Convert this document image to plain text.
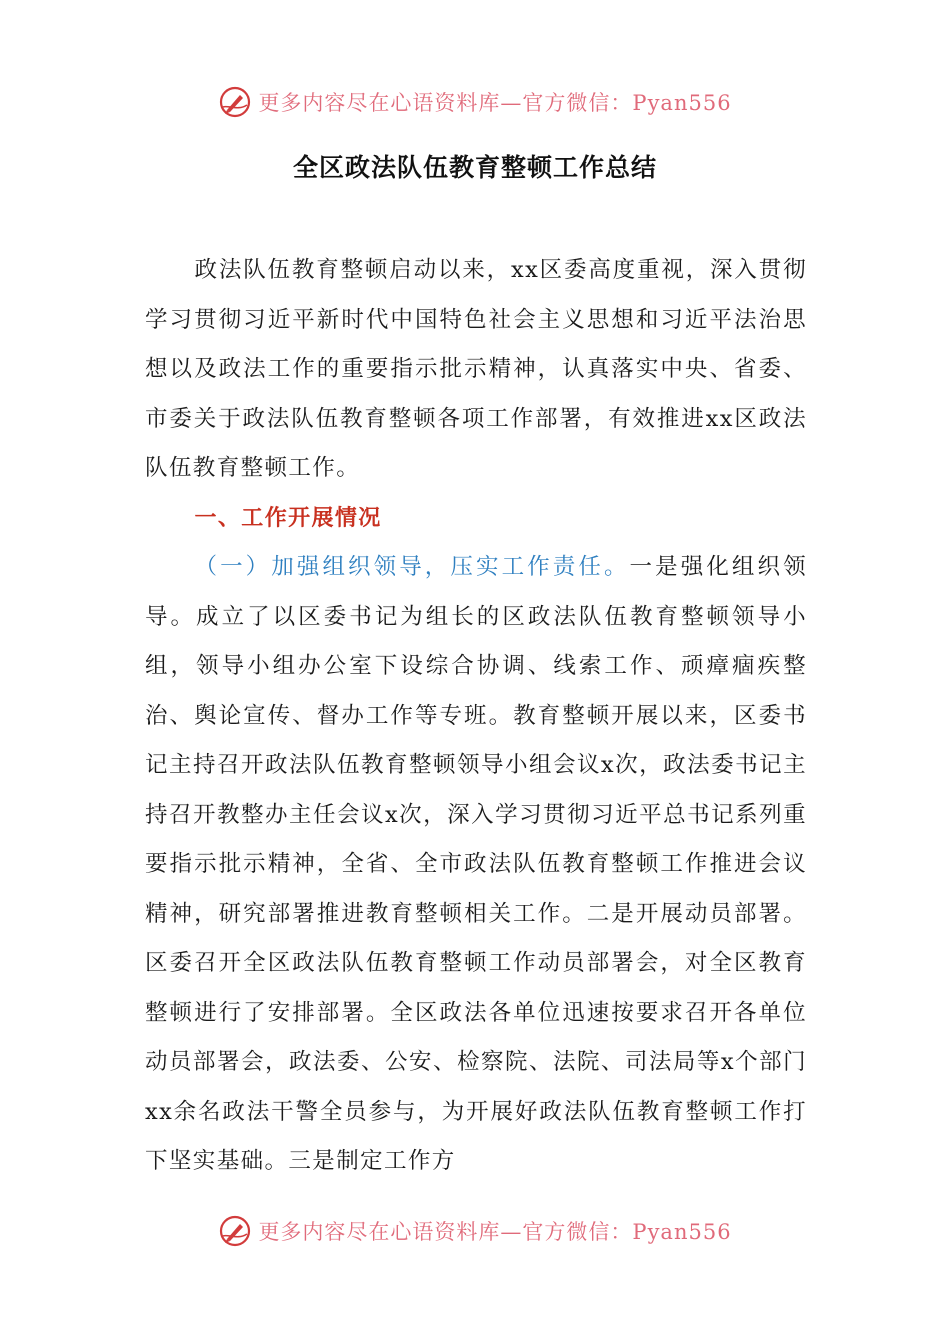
更多内容尽在心语资料库—官方微信：Pyan556
全区政法队伍教育整顿工作总结

政法队伍教育整顿启动以来，xx区委高度重视，深入贯彻学习贯彻习近平新时代中国特色社会主义思想和习近平法治思想以及政法工作的重要指示批示精神，认真落实中央、省委、市委关于政法队伍教育整顿各项工作部署，有效推进xx区政法队伍教育整顿工作。

一、工作开展情况

（一）加强组织领导，压实工作责任。一是强化组织领导。成立了以区委书记为组长的区政法队伍教育整顿领导小组，领导小组办公室下设综合协调、线索工作、顽瘴痼疾整治、舆论宣传、督办工作等专班。教育整顿开展以来，区委书记主持召开政法队伍教育整顿领导小组会议x次，政法委书记主持召开教整办主任会议x次，深入学习贯彻习近平总书记系列重要指示批示精神，全省、全市政法队伍教育整顿工作推进会议精神，研究部署推进教育整顿相关工作。二是开展动员部署。区委召开全区政法队伍教育整顿工作动员部署会，对全区教育整顿进行了安排部署。全区政法各单位迅速按要求召开各单位动员部署会，政法委、公安、检察院、法院、司法局等x个部门xx余名政法干警全员参与，为开展好政法队伍教育整顿工作打下坚实基础。三是制定工作方

更多内容尽在心语资料库—官方微信：Pyan556
